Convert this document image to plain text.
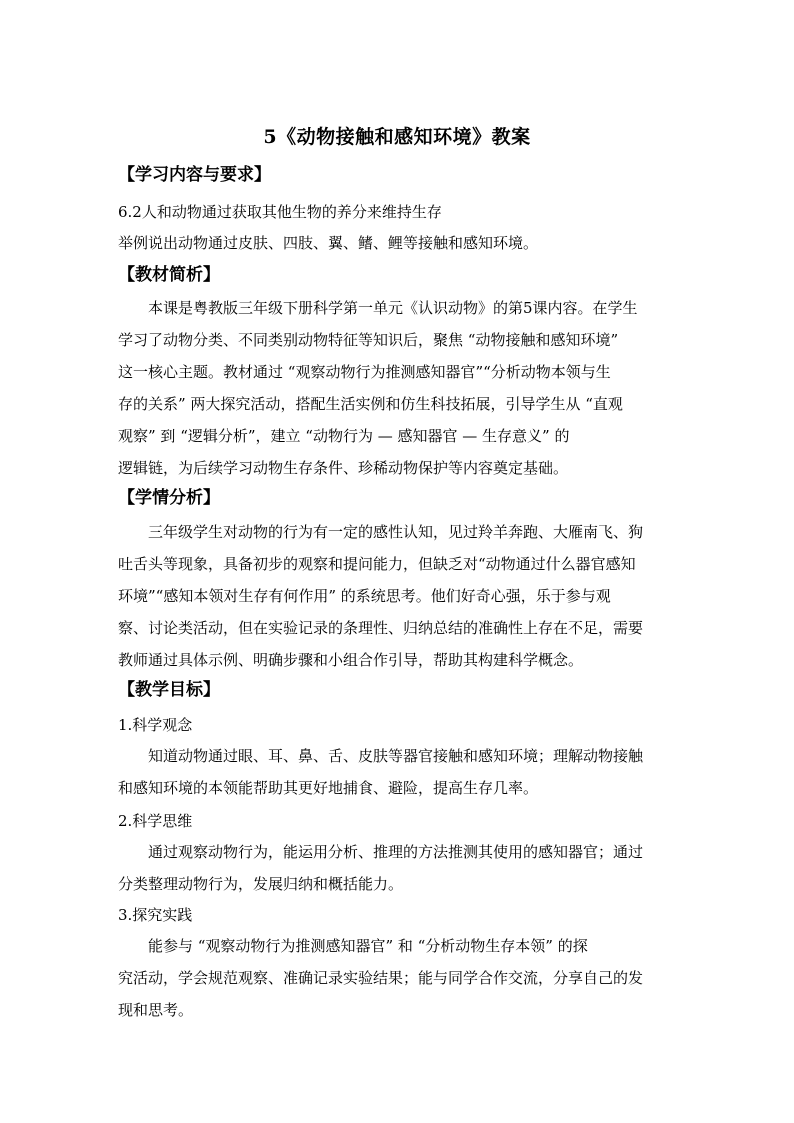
5《动物接触和感知环境》教案
【学习内容与要求】
6.2人和动物通过获取其他生物的养分来维持生存
举例说出动物通过皮肤、四肢、翼、鳍、鲤等接触和感知环境。
【教材简析】
本课是粤教版三年级下册科学第一单元《认识动物》的第5课内容。在学生
学习了动物分类、不同类别动物特征等知识后，聚焦 “动物接触和感知环境”
这一核心主题。教材通过 “观察动物行为推测感知器官”“分析动物本领与生
存的关系” 两大探究活动，搭配生活实例和仿生科技拓展，引导学生从 “直观
观察” 到 “逻辑分析”，建立 “动物行为 — 感知器官 — 生存意义” 的
逻辑链，为后续学习动物生存条件、珍稀动物保护等内容奠定基础。
【学情分析】
三年级学生对动物的行为有一定的感性认知，见过羚羊奔跑、大雁南飞、狗
吐舌头等现象，具备初步的观察和提问能力，但缺乏对“动物通过什么器官感知
环境”“感知本领对生存有何作用” 的系统思考。他们好奇心强，乐于参与观
察、讨论类活动，但在实验记录的条理性、归纳总结的准确性上存在不足，需要
教师通过具体示例、明确步骤和小组合作引导，帮助其构建科学概念。
【教学目标】
1.科学观念
知道动物通过眼、耳、鼻、舌、皮肤等器官接触和感知环境；理解动物接触
和感知环境的本领能帮助其更好地捕食、避险，提高生存几率。
2.科学思维
通过观察动物行为，能运用分析、推理的方法推测其使用的感知器官；通过
分类整理动物行为，发展归纳和概括能力。
3.探究实践
能参与 “观察动物行为推测感知器官” 和 “分析动物生存本领” 的探
究活动，学会规范观察、准确记录实验结果；能与同学合作交流，分享自己的发
现和思考。
